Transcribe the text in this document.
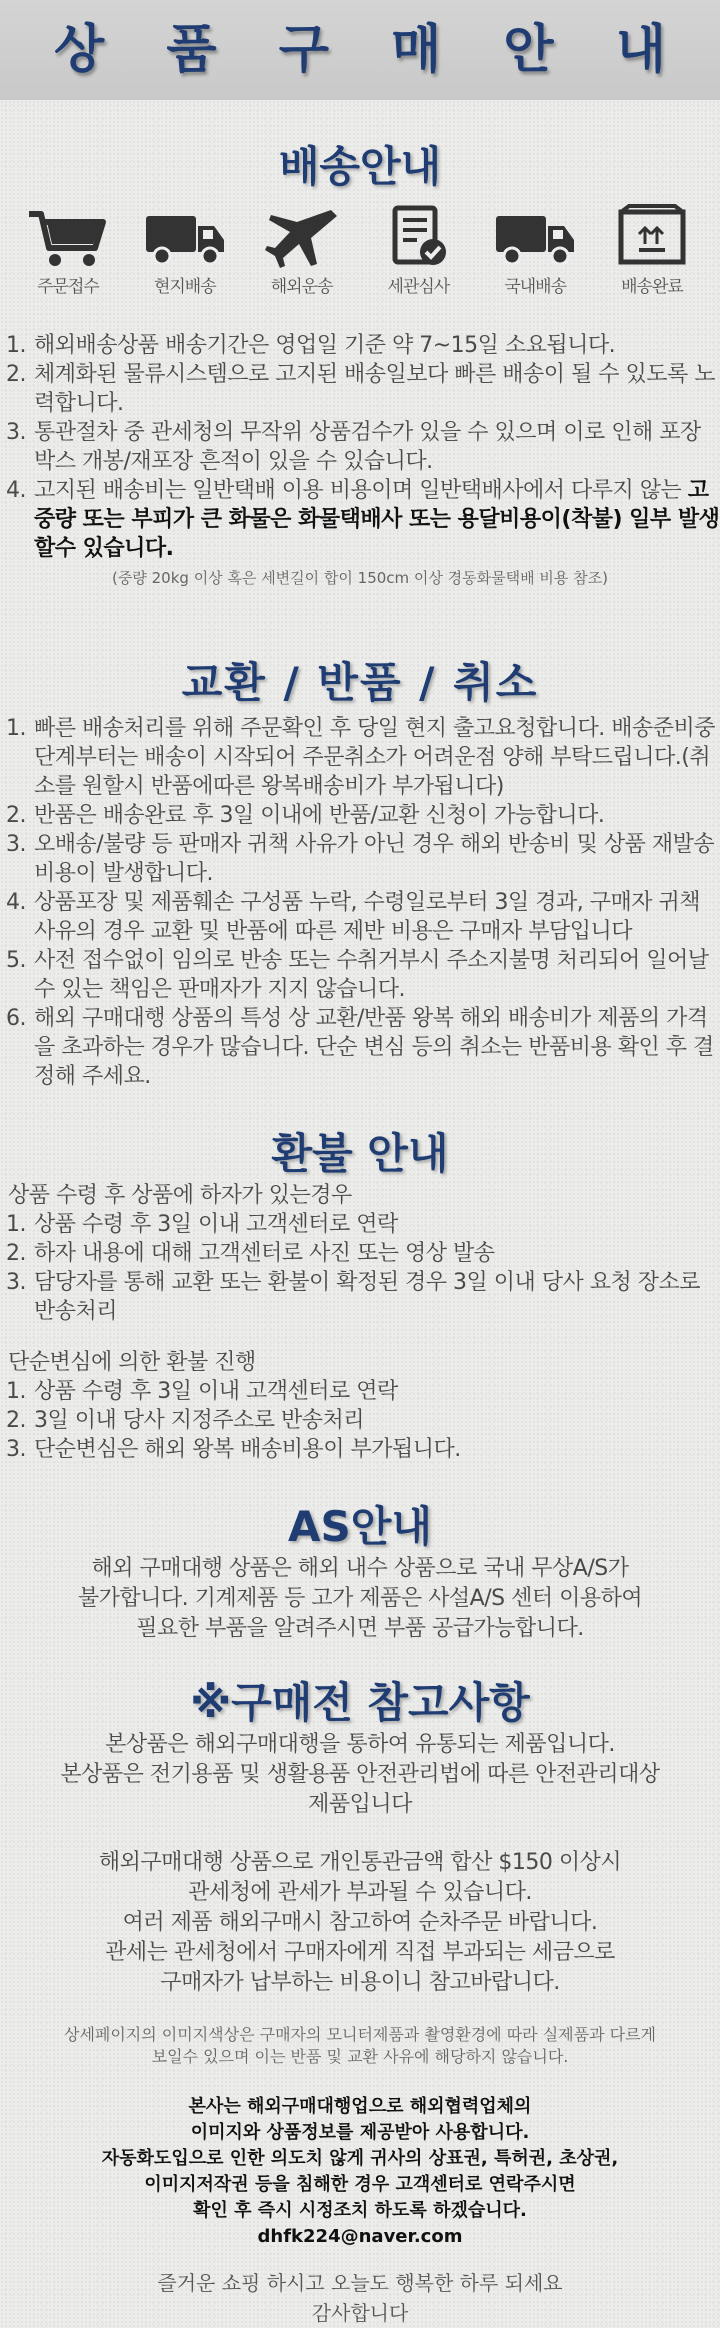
상 품 구 매 안 내
배송안내
주문접수	현지배송	해외운송	세관심사	국내배송	배송완료
1. 해외배송상품 배송기간은 영업일 기준 약 7~15일 소요됩니다.
2. 체계화된 물류시스템으로 고지된 배송일보다 빠른 배송이 될 수 있도록 노력합니다.
3. 통관절차 중 관세청의 무작위 상품검수가 있을 수 있으며 이로 인해 포장박스 개봉/재포장 흔적이 있을 수 있습니다.
4. 고지된 배송비는 일반택배 이용 비용이며 일반택배사에서 다루지 않는 고중량 또는 부피가 큰 화물은 화물택배사 또는 용달비용이(착불) 일부 발생할수 있습니다.

(중량 20kg 이상 혹은 세변길이 합이 150cm 이상 경동화물택배 비용 참조)

교환 / 반품 / 취소
1. 빠른 배송처리를 위해 주문확인 후 당일 현지 출고요청합니다. 배송준비중 단계부터는 배송이 시작되어 주문취소가 어려운점 양해 부탁드립니다.(취소를 원할시 반품에따른 왕복배송비가 부가됩니다)
2. 반품은 배송완료 후 3일 이내에 반품/교환 신청이 가능합니다.
3. 오배송/불량 등 판매자 귀책 사유가 아닌 경우 해외 반송비 및 상품 재발송 비용이 발생합니다.
4. 상품포장 및 제품훼손 구성품 누락, 수령일로부터 3일 경과, 구매자 귀책사유의 경우 교환 및 반품에 따른 제반 비용은 구매자 부담입니다
5. 사전 접수없이 임의로 반송 또는 수취거부시 주소지불명 처리되어 일어날 수 있는 책임은 판매자가 지지 않습니다.
6. 해외 구매대행 상품의 특성 상 교환/반품 왕복 해외 배송비가 제품의 가격을 초과하는 경우가 많습니다. 단순 변심 등의 취소는 반품비용 확인 후 결정해 주세요.
환불 안내

상품 수령 후 상품에 하자가 있는경우

1. 상품 수령 후 3일 이내 고객센터로 연락
2. 하자 내용에 대해 고객센터로 사진 또는 영상 발송
3. 담당자를 통해 교환 또는 환불이 확정된 경우 3일 이내 당사 요청 장소로 반송처리

단순변심에 의한 환불 진행

1. 상품 수령 후 3일 이내 고객센터로 연락
2. 3일 이내 당사 지정주소로 반송처리
3. 단순변심은 해외 왕복 배송비용이 부가됩니다.
AS안내

해외 구매대행 상품은 해외 내수 상품으로 국내 무상A/S가

불가합니다. 기계제품 등 고가 제품은 사설A/S 센터 이용하여

필요한 부품을 알려주시면 부품 공급가능합니다.

※구매전 참고사항

본상품은 해외구매대행을 통하여 유통되는 제품입니다.

본상품은 전기용품 및 생활용품 안전관리법에 따른 안전관리대상

제품입니다

해외구매대행 상품으로 개인통관금액 합산 $150 이상시

관세청에 관세가 부과될 수 있습니다.

여러 제품 해외구매시 참고하여 순차주문 바랍니다.

관세는 관세청에서 구매자에게 직접 부과되는 세금으로

구매자가 납부하는 비용이니 참고바랍니다.

상세페이지의 이미지색상은 구매자의 모니터제품과 촬영환경에 따라 실제품과 다르게

보일수 있으며 이는 반품 및 교환 사유에 해당하지 않습니다.

본사는 해외구매대행업으로 해외협력업체의

이미지와 상품정보를 제공받아 사용합니다.

자동화도입으로 인한 의도치 않게 귀사의 상표권, 특허권, 초상권,

이미지저작권 등을 침해한 경우 고객센터로 연락주시면

확인 후 즉시 시정조치 하도록 하겠습니다.

dhfk224@naver.com

즐거운 쇼핑 하시고 오늘도 행복한 하루 되세요

감사합니다
